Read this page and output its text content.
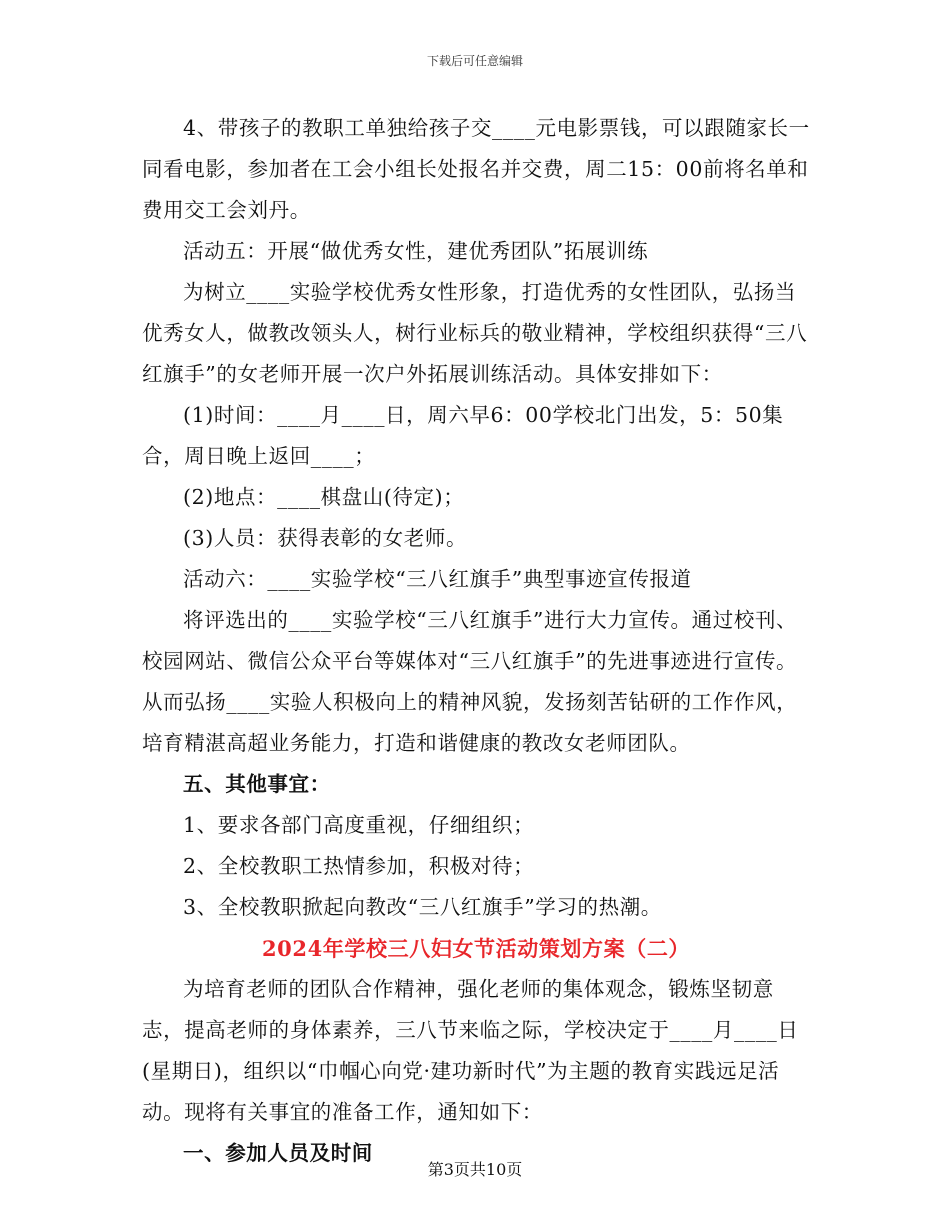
下载后可任意编辑

4、带孩子的教职工单独给孩子交____元电影票钱，可以跟随家长一同看电影，参加者在工会小组长处报名并交费，周二15：00前将名单和费用交工会刘丹。

活动五：开展“做优秀女性，建优秀团队”拓展训练

为树立____实验学校优秀女性形象，打造优秀的女性团队，弘扬当优秀女人，做教改领头人，树行业标兵的敬业精神，学校组织获得“三八红旗手”的女老师开展一次户外拓展训练活动。具体安排如下：

(1)时间：____月____日，周六早6：00学校北门出发，5：50集合，周日晚上返回____；

(2)地点：____棋盘山(待定)；

(3)人员：获得表彰的女老师。

活动六：____实验学校“三八红旗手”典型事迹宣传报道

将评选出的____实验学校“三八红旗手”进行大力宣传。通过校刊、校园网站、微信公众平台等媒体对“三八红旗手”的先进事迹进行宣传。从而弘扬____实验人积极向上的精神风貌，发扬刻苦钻研的工作作风，培育精湛高超业务能力，打造和谐健康的教改女老师团队。

五、其他事宜：

1、要求各部门高度重视，仔细组织；

2、全校教职工热情参加，积极对待；

3、全校教职掀起向教改“三八红旗手”学习的热潮。

2024年学校三八妇女节活动策划方案（二）

为培育老师的团队合作精神，强化老师的集体观念，锻炼坚韧意志，提高老师的身体素养，三八节来临之际，学校决定于____月____日(星期日)，组织以“巾帼心向党·建功新时代”为主题的教育实践远足活动。现将有关事宜的准备工作，通知如下：

一、参加人员及时间

第3页共10页
